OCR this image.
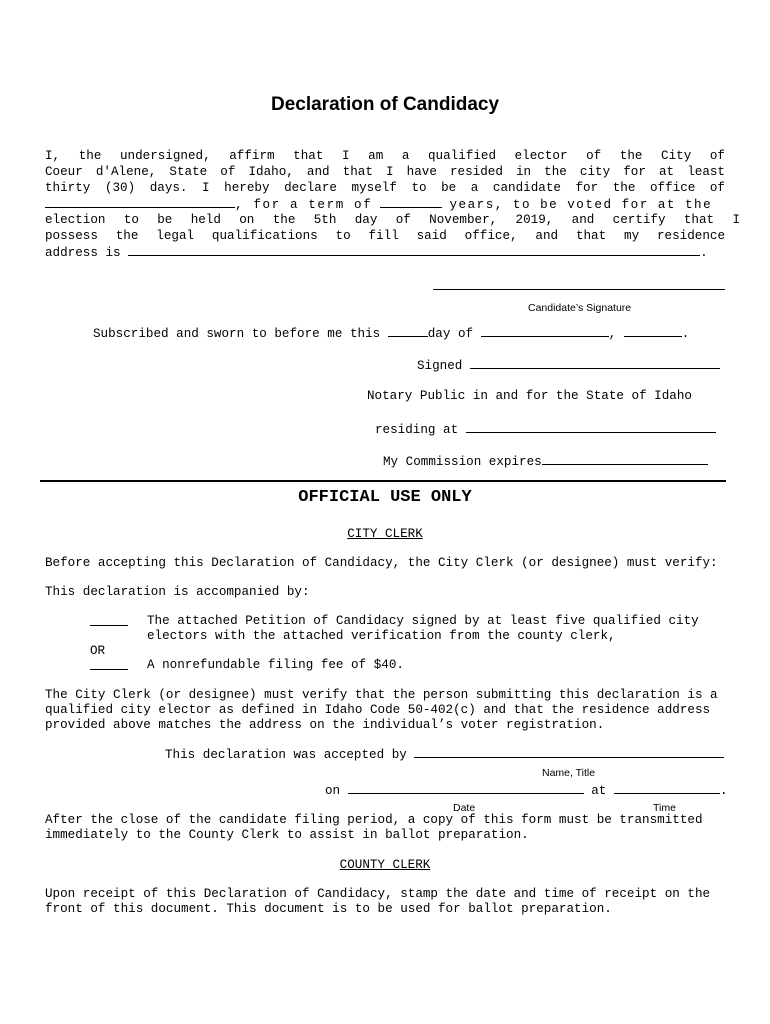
Declaration of Candidacy
I, the undersigned, affirm that I am a qualified elector of the City of
Coeur d'Alene, State of Idaho, and that I have resided in the city for at least
thirty (30) days. I hereby declare myself to be a candidate for the office of
, for a term of	years, to be voted for at the
election to be held on the 5th day of November, 2019, and certify that I
possess the legal qualifications to fill said office, and that my residence
address is	.
Candidate’s Signature
Subscribed and sworn to before me this	day of	,	.
Signed
Notary Public in and for the State of Idaho
residing at
My Commission expires
OFFICIAL USE ONLY
CITY CLERK
Before accepting this Declaration of Candidacy, the City Clerk (or designee) must verify:
This declaration is accompanied by:
The attached Petition of Candidacy signed by at least five qualified city
electors with the attached verification from the county clerk,
OR
A nonrefundable filing fee of $40.
The City Clerk (or designee) must verify that the person submitting this declaration is a
qualified city elector as defined in Idaho Code 50-402(c) and that the residence address
provided above matches the address on the individual’s voter registration.
This declaration was accepted by
Name, Title
on	at	.
Date	Time
After the close of the candidate filing period, a copy of this form must be transmitted
immediately to the County Clerk to assist in ballot preparation.
COUNTY CLERK
Upon receipt of this Declaration of Candidacy, stamp the date and time of receipt on the
front of this document. This document is to be used for ballot preparation.
